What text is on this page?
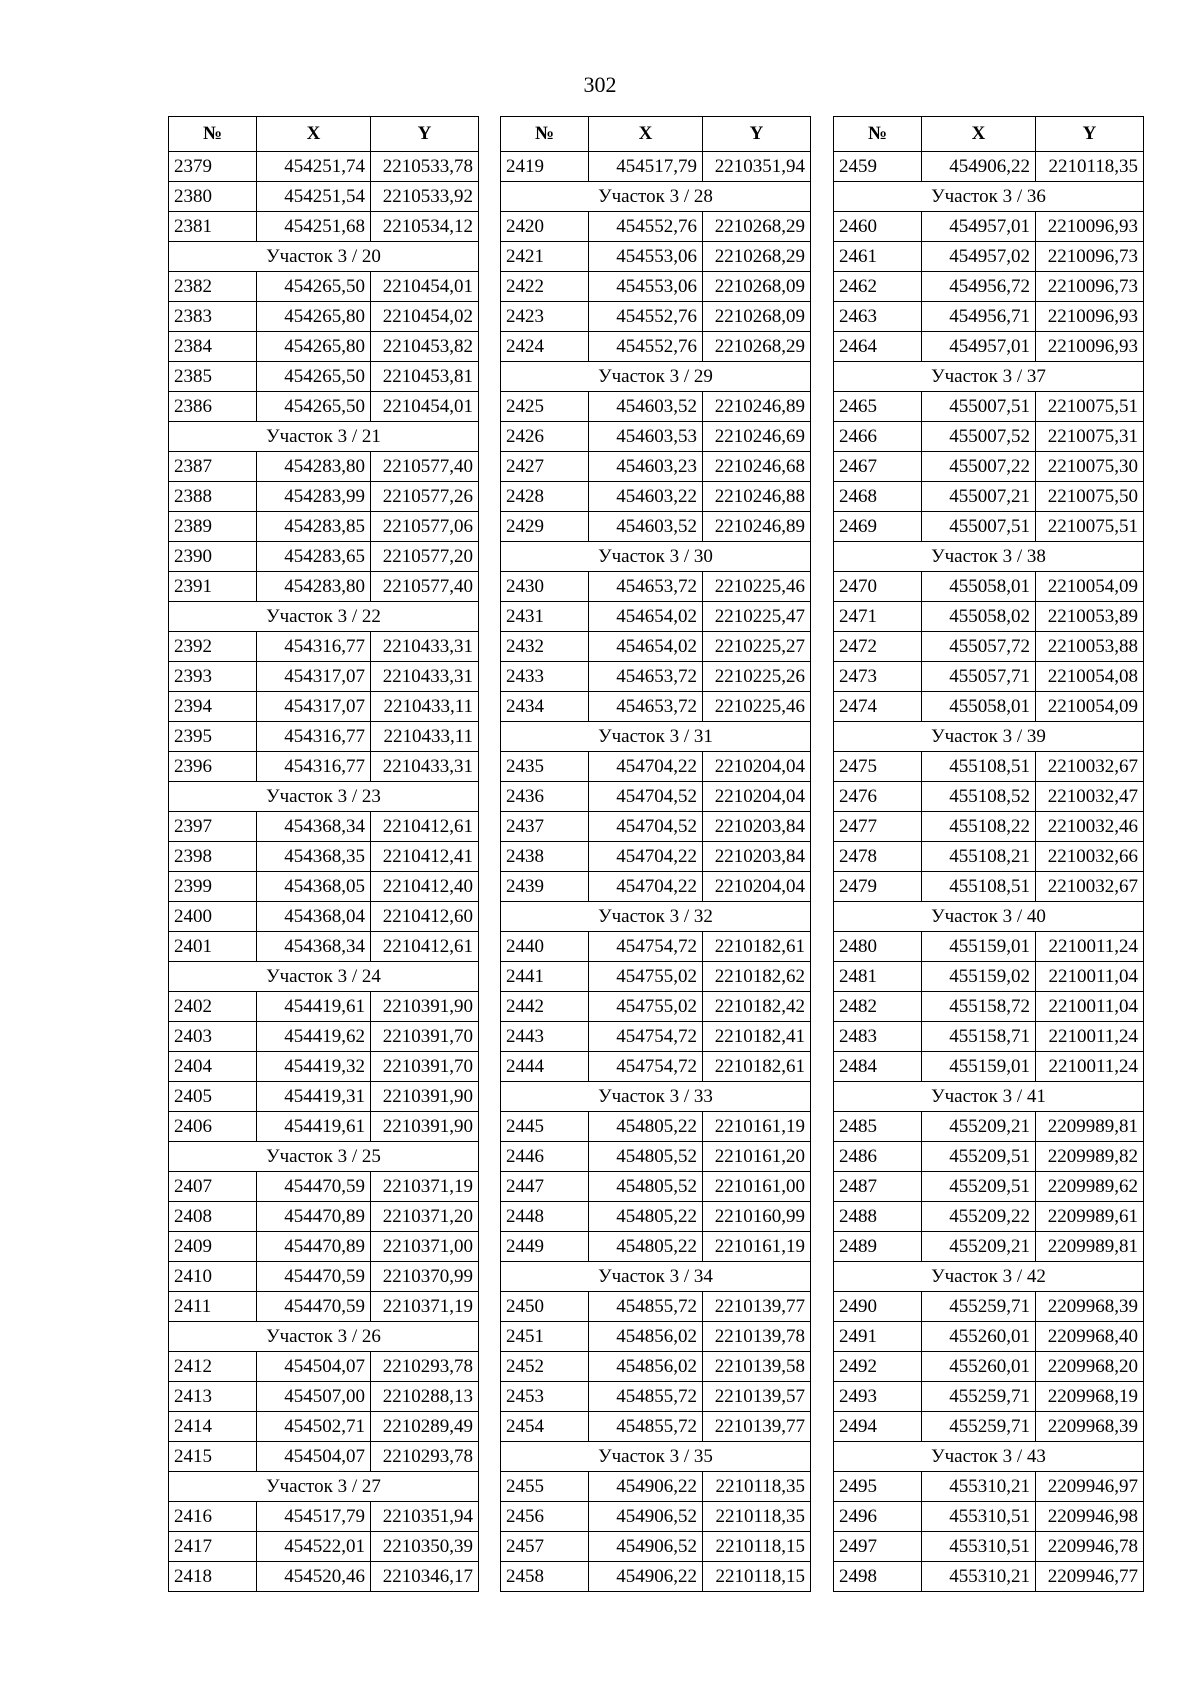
302
№	X	Y
2379	454251,74	2210533,78
2380	454251,54	2210533,92
2381	454251,68	2210534,12
Участок 3 / 20		
2382	454265,50	2210454,01
2383	454265,80	2210454,02
2384	454265,80	2210453,82
2385	454265,50	2210453,81
2386	454265,50	2210454,01
Участок 3 / 21		
2387	454283,80	2210577,40
2388	454283,99	2210577,26
2389	454283,85	2210577,06
2390	454283,65	2210577,20
2391	454283,80	2210577,40
Участок 3 / 22		
2392	454316,77	2210433,31
2393	454317,07	2210433,31
2394	454317,07	2210433,11
2395	454316,77	2210433,11
2396	454316,77	2210433,31
Участок 3 / 23		
2397	454368,34	2210412,61
2398	454368,35	2210412,41
2399	454368,05	2210412,40
2400	454368,04	2210412,60
2401	454368,34	2210412,61
Участок 3 / 24		
2402	454419,61	2210391,90
2403	454419,62	2210391,70
2404	454419,32	2210391,70
2405	454419,31	2210391,90
2406	454419,61	2210391,90
Участок 3 / 25		
2407	454470,59	2210371,19
2408	454470,89	2210371,20
2409	454470,89	2210371,00
2410	454470,59	2210370,99
2411	454470,59	2210371,19
Участок 3 / 26		
2412	454504,07	2210293,78
2413	454507,00	2210288,13
2414	454502,71	2210289,49
2415	454504,07	2210293,78
Участок 3 / 27		
2416	454517,79	2210351,94
2417	454522,01	2210350,39
2418	454520,46	2210346,17
№	X	Y
2419	454517,79	2210351,94
Участок 3 / 28		
2420	454552,76	2210268,29
2421	454553,06	2210268,29
2422	454553,06	2210268,09
2423	454552,76	2210268,09
2424	454552,76	2210268,29
Участок 3 / 29		
2425	454603,52	2210246,89
2426	454603,53	2210246,69
2427	454603,23	2210246,68
2428	454603,22	2210246,88
2429	454603,52	2210246,89
Участок 3 / 30		
2430	454653,72	2210225,46
2431	454654,02	2210225,47
2432	454654,02	2210225,27
2433	454653,72	2210225,26
2434	454653,72	2210225,46
Участок 3 / 31		
2435	454704,22	2210204,04
2436	454704,52	2210204,04
2437	454704,52	2210203,84
2438	454704,22	2210203,84
2439	454704,22	2210204,04
Участок 3 / 32		
2440	454754,72	2210182,61
2441	454755,02	2210182,62
2442	454755,02	2210182,42
2443	454754,72	2210182,41
2444	454754,72	2210182,61
Участок 3 / 33		
2445	454805,22	2210161,19
2446	454805,52	2210161,20
2447	454805,52	2210161,00
2448	454805,22	2210160,99
2449	454805,22	2210161,19
Участок 3 / 34		
2450	454855,72	2210139,77
2451	454856,02	2210139,78
2452	454856,02	2210139,58
2453	454855,72	2210139,57
2454	454855,72	2210139,77
Участок 3 / 35		
2455	454906,22	2210118,35
2456	454906,52	2210118,35
2457	454906,52	2210118,15
2458	454906,22	2210118,15
№	X	Y
2459	454906,22	2210118,35
Участок 3 / 36		
2460	454957,01	2210096,93
2461	454957,02	2210096,73
2462	454956,72	2210096,73
2463	454956,71	2210096,93
2464	454957,01	2210096,93
Участок 3 / 37		
2465	455007,51	2210075,51
2466	455007,52	2210075,31
2467	455007,22	2210075,30
2468	455007,21	2210075,50
2469	455007,51	2210075,51
Участок 3 / 38		
2470	455058,01	2210054,09
2471	455058,02	2210053,89
2472	455057,72	2210053,88
2473	455057,71	2210054,08
2474	455058,01	2210054,09
Участок 3 / 39		
2475	455108,51	2210032,67
2476	455108,52	2210032,47
2477	455108,22	2210032,46
2478	455108,21	2210032,66
2479	455108,51	2210032,67
Участок 3 / 40		
2480	455159,01	2210011,24
2481	455159,02	2210011,04
2482	455158,72	2210011,04
2483	455158,71	2210011,24
2484	455159,01	2210011,24
Участок 3 / 41		
2485	455209,21	2209989,81
2486	455209,51	2209989,82
2487	455209,51	2209989,62
2488	455209,22	2209989,61
2489	455209,21	2209989,81
Участок 3 / 42		
2490	455259,71	2209968,39
2491	455260,01	2209968,40
2492	455260,01	2209968,20
2493	455259,71	2209968,19
2494	455259,71	2209968,39
Участок 3 / 43		
2495	455310,21	2209946,97
2496	455310,51	2209946,98
2497	455310,51	2209946,78
2498	455310,21	2209946,77
